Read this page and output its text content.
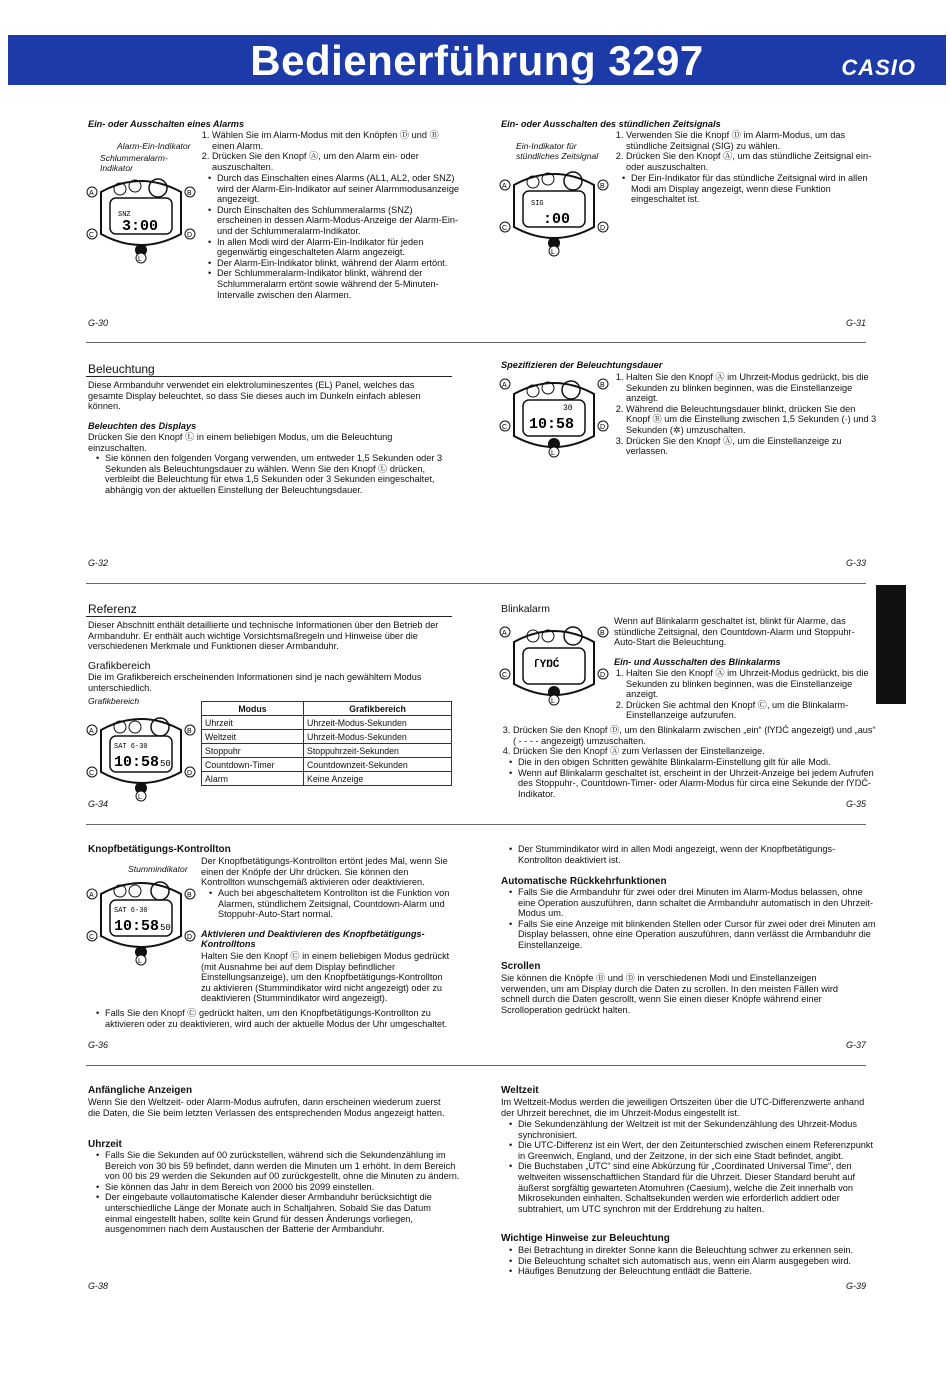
Bedienerführung 3297	CASIO
Ein- oder Ausschalten eines Alarms
Alarm-Ein-Indikator
Schlummeralarm-
Indikator
SNZ
3:00
A	B
C	D
L
1. Wählen Sie im Alarm-Modus mit den Knöpfen Ⓓ und Ⓑ einen Alarm.
2. Drücken Sie den Knopf Ⓐ, um den Alarm ein- oder auszuschalten.
• Durch das Einschalten eines Alarms (AL1, AL2, oder SNZ) wird der Alarm-Ein-Indikator auf seiner Alarmmodusanzeige angezeigt.
• Durch Einschalten des Schlummeralarms (SNZ) erscheinen in dessen Alarm-Modus-Anzeige der Alarm-Ein- und der Schlummeralarm-Indikator.
• In allen Modi wird der Alarm-Ein-Indikator für jeden gegenwärtig eingeschalteten Alarm angezeigt.
• Der Alarm-Ein-Indikator blinkt, während der Alarm ertönt.
• Der Schlummeralarm-Indikator blinkt, während der Schlummeralarm ertönt sowie während der 5-Minuten-Intervalle zwischen den Alarmen.
G-30
Ein- oder Ausschalten des stündlichen Zeitsignals
Ein-Indikator für
stündliches Zeitsignal
SIG
:00
A	B
C	D
L
1. Verwenden Sie die Knopf Ⓓ im Alarm-Modus, um das stündliche Zeitsignal (SIG) zu wählen.
2. Drücken Sie den Knopf Ⓐ, um das stündliche Zeitsignal ein- oder auszuschalten.
• Der Ein-Indikator für das stündliche Zeitsignal wird in allen Modi am Display angezeigt, wenn diese Funktion eingeschaltet ist.
G-31
Beleuchtung
Diese Armbanduhr verwendet ein elektrolumineszentes (EL) Panel, welches das gesamte Display beleuchtet, so dass Sie dieses auch im Dunkeln einfach ablesen können.
Beleuchten des Displays
Drücken Sie den Knopf Ⓛ in einem beliebigen Modus, um die Beleuchtung einzuschalten.
• Sie können den folgenden Vorgang verwenden, um entweder 1,5 Sekunden oder 3 Sekunden als Beleuchtungsdauer zu wählen. Wenn Sie den Knopf Ⓛ drücken, verbleibt die Beleuchtung für etwa 1,5 Sekunden oder 3 Sekunden eingeschaltet, abhängig von der aktuellen Einstellung der Beleuchtungsdauer.
G-32
Spezifizieren der Beleuchtungsdauer
30
10:58
A	B
C	D
L
1. Halten Sie den Knopf Ⓐ im Uhrzeit-Modus gedrückt, bis die Sekunden zu blinken beginnen, was die Einstellanzeige anzeigt.
2. Während die Beleuchtungsdauer blinkt, drücken Sie den Knopf Ⓑ um die Einstellung zwischen 1,5 Sekunden (·) und 3 Sekunden (✲) umzuschalten.
3. Drücken Sie den Knopf Ⓐ, um die Einstellanzeige zu verlassen.
G-33
Referenz
Dieser Abschnitt enthält detaillierte und technische Informationen über den Betrieb der Armbanduhr. Er enthält auch wichtige Vorsichtsmaßregeln und Hinweise über die verschiedenen Merkmale und Funktionen dieser Armbanduhr.
Grafikbereich
Die im Grafikbereich erscheinenden Informationen sind je nach gewähltem Modus unterschiedlich.
Grafikbereich
SAT 6-30
10:58 50
A	B
C	D
L
Modus	Grafikbereich
Uhrzeit	Uhrzeit-Modus-Sekunden
Weltzeit	Uhrzeit-Modus-Sekunden
Stoppuhr	Stoppuhrzeit-Sekunden
Countdown-Timer	Countdownzeit-Sekunden
Alarm	Keine Anzeige
G-34
Blinkalarm
ſYŊĆ
A	B
C	D
L
Wenn auf Blinkalarm geschaltet ist, blinkt für Alarme, das stündliche Zeitsignal, den Countdown-Alarm und Stoppuhr-Auto-Start die Beleuchtung.
Ein- und Ausschalten des Blinkalarms
1. Halten Sie den Knopf Ⓐ im Uhrzeit-Modus gedrückt, bis die Sekunden zu blinken beginnen, was die Einstellanzeige anzeigt.
2. Drücken Sie achtmal den Knopf Ⓒ, um die Blinkalarm-Einstellanzeige aufzurufen.
3. Drücken Sie den Knopf Ⓓ, um den Blinkalarm zwischen „ein“ (ſYŊĆ angezeigt) und „aus“ ( - - - - angezeigt) umzuschalten.
4. Drücken Sie den Knopf Ⓐ zum Verlassen der Einstellanzeige.
• Die in den obigen Schritten gewählte Blinkalarm-Einstellung gilt für alle Modi.
• Wenn auf Blinkalarm geschaltet ist, erscheint in der Uhrzeit-Anzeige bei jedem Aufrufen des Stoppuhr-, Countdown-Timer- oder Alarm-Modus für circa eine Sekunde der ſYŊĆ-Indikator.
G-35
Knopfbetätigungs-Kontrollton
Stummindikator
SAT 6-30
10:58 50
A	B
C	D
L
Der Knopfbetätigungs-Kontrollton ertönt jedes Mal, wenn Sie einen der Knöpfe der Uhr drücken. Sie können den Kontrollton wunschgemäß aktivieren oder deaktivieren.
• Auch bei abgeschaltetem Kontrollton ist die Funktion von Alarmen, stündlichem Zeitsignal, Countdown-Alarm und Stoppuhr-Auto-Start normal.
Aktivieren und Deaktivieren des Knopfbetätigungs-Kontrolltons
Halten Sie den Knopf Ⓒ in einem beliebigen Modus gedrückt (mit Ausnahme bei auf dem Display befindlicher Einstellungsanzeige), um den Knopfbetätigungs-Kontrollton zu aktivieren (Stummindikator wird nicht angezeigt) oder zu deaktivieren (Stummindikator wird angezeigt).
• Falls Sie den Knopf Ⓒ gedrückt halten, um den Knopfbetätigungs-Kontrollton zu aktivieren oder zu deaktivieren, wird auch der aktuelle Modus der Uhr umgeschaltet.
G-36
• Der Stummindikator wird in allen Modi angezeigt, wenn der Knopfbetätigungs-Kontrollton deaktiviert ist.
Automatische Rückkehrfunktionen
• Falls Sie die Armbanduhr für zwei oder drei Minuten im Alarm-Modus belassen, ohne eine Operation auszuführen, dann schaltet die Armbanduhr automatisch in den Uhrzeit-Modus um.
• Falls Sie eine Anzeige mit blinkenden Stellen oder Cursor für zwei oder drei Minuten am Display belassen, ohne eine Operation auszuführen, dann verlässt die Armbanduhr die Einstellanzeige.
Scrollen
Sie können die Knöpfe Ⓑ und Ⓓ in verschiedenen Modi und Einstellanzeigen verwenden, um am Display durch die Daten zu scrollen. In den meisten Fällen wird schnell durch die Daten gescrollt, wenn Sie einen dieser Knöpfe während einer Scrolloperation gedrückt halten.
G-37
Anfängliche Anzeigen
Wenn Sie den Weltzeit- oder Alarm-Modus aufrufen, dann erscheinen wiederum zuerst die Daten, die Sie beim letzten Verlassen des entsprechenden Modus angezeigt hatten.
Uhrzeit
• Falls Sie die Sekunden auf 00 zurückstellen, während sich die Sekundenzählung im Bereich von 30 bis 59 befindet, dann werden die Minuten um 1 erhöht. In dem Bereich von 00 bis 29 werden die Sekunden auf 00 zurückgestellt, ohne die Minuten zu ändern.
• Sie können das Jahr in dem Bereich von 2000 bis 2099 einstellen.
• Der eingebaute vollautomatische Kalender dieser Armbanduhr berücksichtigt die unterschiedliche Länge der Monate auch in Schaltjahren. Sobald Sie das Datum einmal eingestellt haben, sollte kein Grund für dessen Änderungs vorliegen, ausgenommen nach dem Austauschen der Batterie der Armbanduhr.
G-38
Weltzeit
Im Weltzeit-Modus werden die jeweiligen Ortszeiten über die UTC-Differenzwerte anhand der Uhrzeit berechnet, die im Uhrzeit-Modus eingestellt ist.
• Die Sekundenzählung der Weltzeit ist mit der Sekundenzählung des Uhrzeit-Modus synchronisiert.
• Die UTC-Differenz ist ein Wert, der den Zeitunterschied zwischen einem Referenzpunkt in Greenwich, England, und der Zeitzone, in der sich eine Stadt befindet, angibt.
• Die Buchstaben „UTC“ sind eine Abkürzung für „Coordinated Universal Time“, den weltweiten wissenschaftlichen Standard für die Uhrzeit. Dieser Standard beruht auf äußerst sorgfältig gewarteten Atomuhren (Caesium), welche die Zeit innerhalb von Mikrosekunden einhalten. Schaltsekunden werden wie erforderlich addiert oder subtrahiert, um UTC synchron mit der Erddrehung zu halten.
Wichtige Hinweise zur Beleuchtung
• Bei Betrachtung in direkter Sonne kann die Beleuchtung schwer zu erkennen sein.
• Die Beleuchtung schaltet sich automatisch aus, wenn ein Alarm ausgegeben wird.
• Häufiges Benutzung der Beleuchtung entlädt die Batterie.
G-39
